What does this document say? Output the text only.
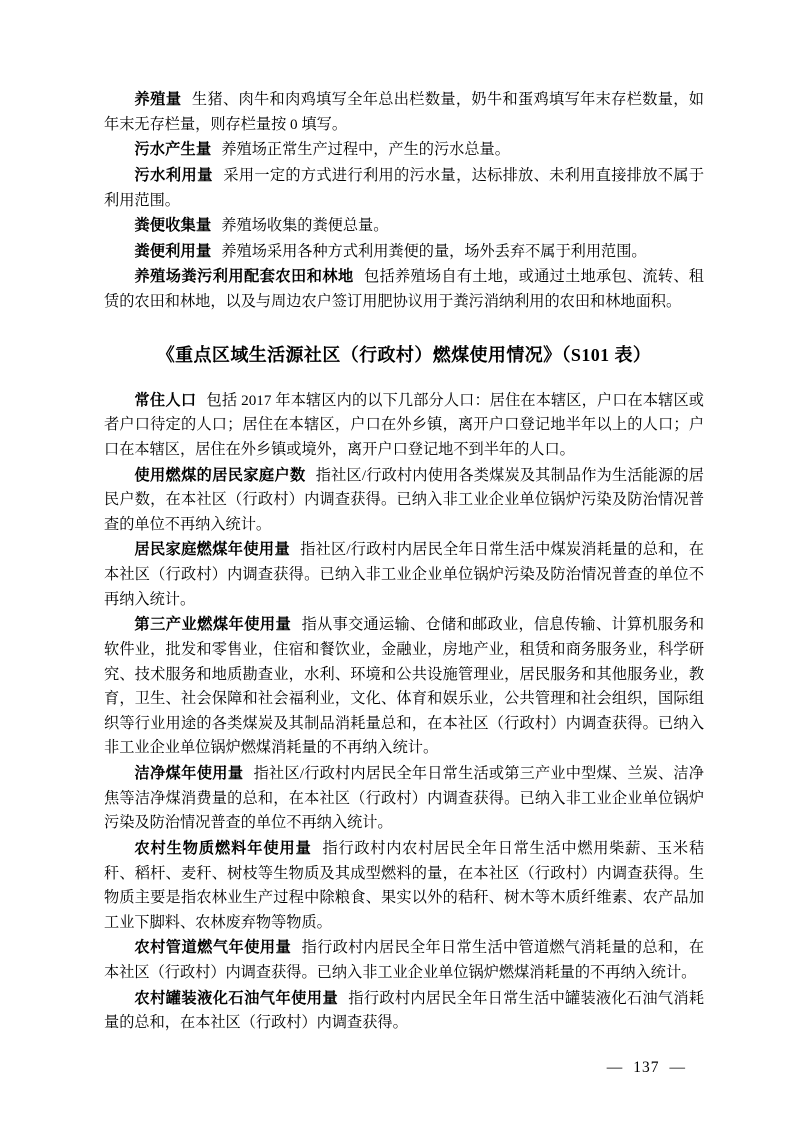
养殖量 生猪、肉牛和肉鸡填写全年总出栏数量，奶牛和蛋鸡填写年末存栏数量，如年末无存栏量，则存栏量按 0 填写。

污水产生量 养殖场正常生产过程中，产生的污水总量。

污水利用量 采用一定的方式进行利用的污水量，达标排放、未利用直接排放不属于利用范围。

粪便收集量 养殖场收集的粪便总量。

粪便利用量 养殖场采用各种方式利用粪便的量，场外丢弃不属于利用范围。

养殖场粪污利用配套农田和林地 包括养殖场自有土地，或通过土地承包、流转、租赁的农田和林地，以及与周边农户签订用肥协议用于粪污消纳利用的农田和林地面积。

《重点区域生活源社区（行政村）燃煤使用情况》（S101 表）

常住人口 包括 2017 年本辖区内的以下几部分人口：居住在本辖区，户口在本辖区或者户口待定的人口；居住在本辖区，户口在外乡镇，离开户口登记地半年以上的人口；户口在本辖区，居住在外乡镇或境外，离开户口登记地不到半年的人口。

使用燃煤的居民家庭户数 指社区/行政村内使用各类煤炭及其制品作为生活能源的居民户数，在本社区（行政村）内调查获得。已纳入非工业企业单位锅炉污染及防治情况普查的单位不再纳入统计。

居民家庭燃煤年使用量 指社区/行政村内居民全年日常生活中煤炭消耗量的总和，在本社区（行政村）内调查获得。已纳入非工业企业单位锅炉污染及防治情况普查的单位不再纳入统计。

第三产业燃煤年使用量 指从事交通运输、仓储和邮政业，信息传输、计算机服务和软件业，批发和零售业，住宿和餐饮业，金融业，房地产业，租赁和商务服务业，科学研究、技术服务和地质勘查业，水利、环境和公共设施管理业，居民服务和其他服务业，教育，卫生、社会保障和社会福利业，文化、体育和娱乐业，公共管理和社会组织，国际组织等行业用途的各类煤炭及其制品消耗量总和，在本社区（行政村）内调查获得。已纳入非工业企业单位锅炉燃煤消耗量的不再纳入统计。

洁净煤年使用量 指社区/行政村内居民全年日常生活或第三产业中型煤、兰炭、洁净焦等洁净煤消费量的总和，在本社区（行政村）内调查获得。已纳入非工业企业单位锅炉污染及防治情况普查的单位不再纳入统计。

农村生物质燃料年使用量 指行政村内农村居民全年日常生活中燃用柴薪、玉米秸秆、稻杆、麦秆、树枝等生物质及其成型燃料的量，在本社区（行政村）内调查获得。生物质主要是指农林业生产过程中除粮食、果实以外的秸秆、树木等木质纤维素、农产品加工业下脚料、农林废弃物等物质。

农村管道燃气年使用量 指行政村内居民全年日常生活中管道燃气消耗量的总和，在本社区（行政村）内调查获得。已纳入非工业企业单位锅炉燃煤消耗量的不再纳入统计。

农村罐装液化石油气年使用量 指行政村内居民全年日常生活中罐装液化石油气消耗量的总和，在本社区（行政村）内调查获得。

— 137 —
